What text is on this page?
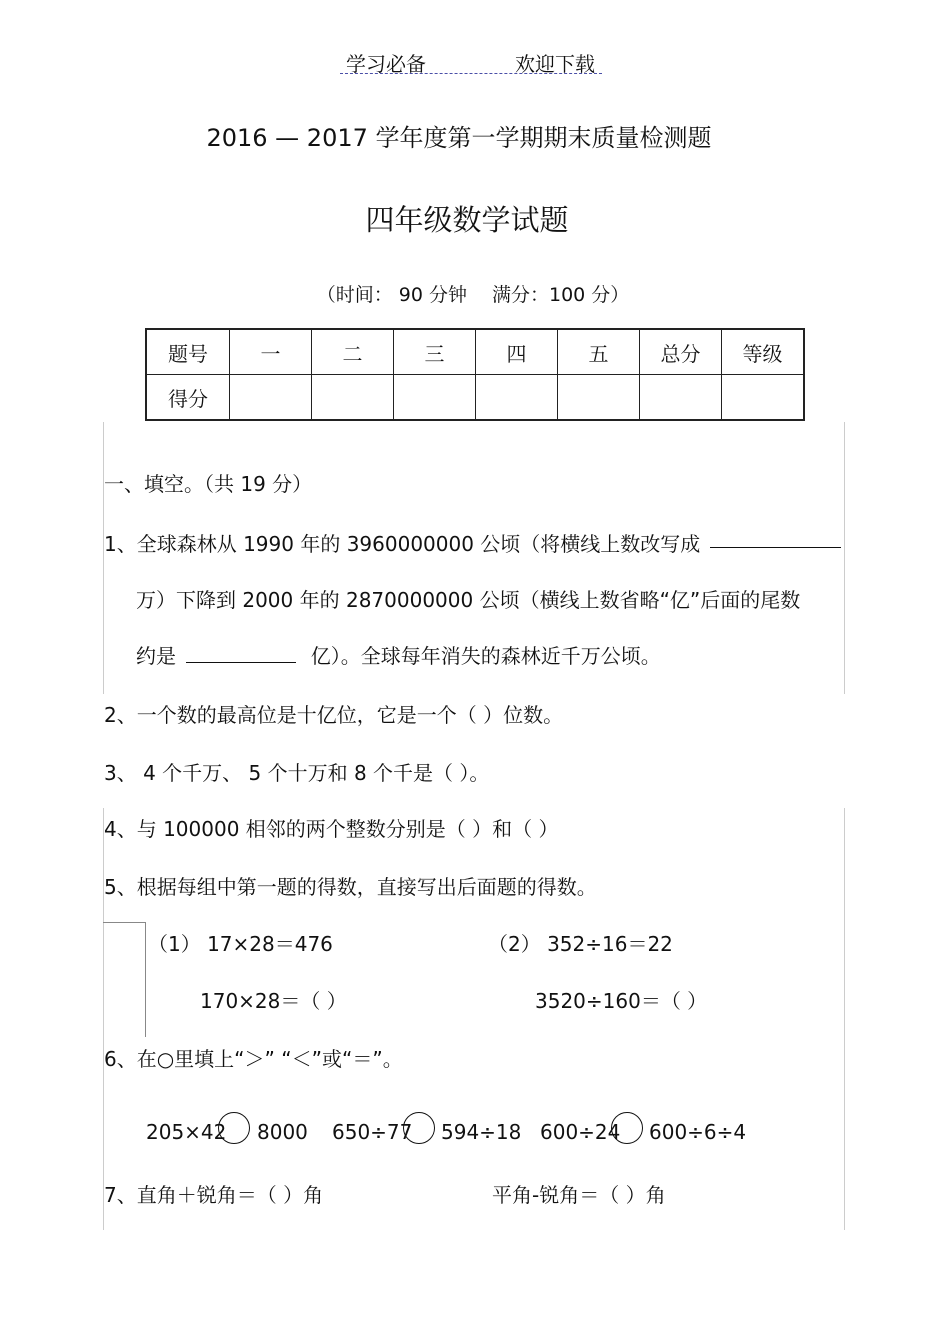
学习必备	欢迎下载
2016 — 2017 学年度第一学期期末质量检测题
四年级数学试题
（时间： 90 分钟　 满分：100 分）
题号	一	二	三	四	五	总分	等级
得分							
一、填空。（共 19 分）
1、全球森林从 1990 年的 3960000000 公顷（将横线上数改写成
万）下降到 2000 年的 2870000000 公顷（横线上数省略“亿”后面的尾数
约是	亿）。全球每年消失的森林近千万公顷。
2、一个数的最高位是十亿位，它是一个（ ）位数。
3、 4 个千万、 5 个十万和 8 个千是（ ）。
4、与 100000 相邻的两个整数分别是（ ）和（ ）
5、根据每组中第一题的得数，直接写出后面题的得数。
（1） 17×28＝476	（2） 352÷16＝22
170×28＝（ ）	3520÷160＝（ ）
6、在○里填上“＞” “＜”或“＝”。
205×42 8000 650÷77 594÷18 600÷24 600÷6÷4
7、直角＋锐角＝（ ）角	平角-锐角＝（ ）角
